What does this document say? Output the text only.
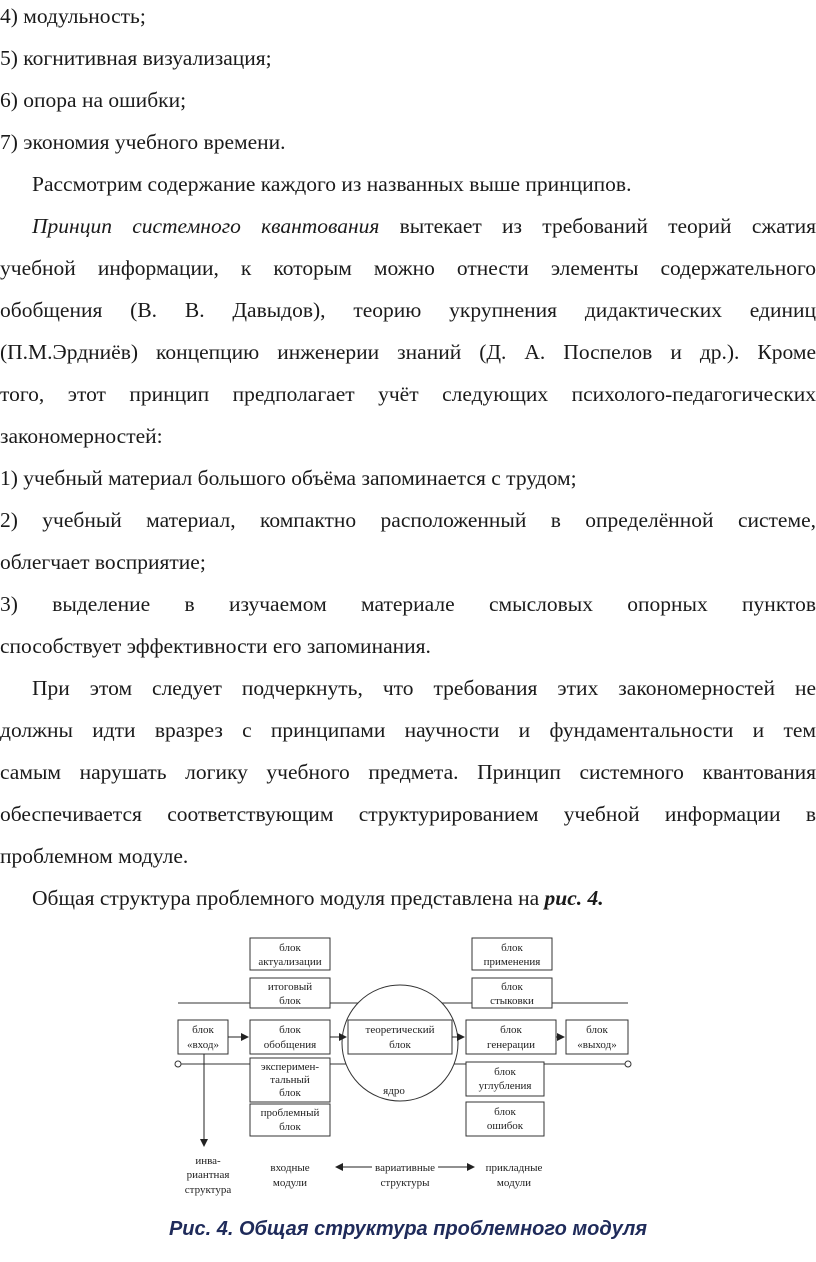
4) модульность;
5) когнитивная визуализация;
6) опора на ошибки;
7) экономия учебного времени.
Рассмотрим содержание каждого из названных выше принципов.
Принцип системного квантования вытекает из требований теорий сжатия
учебной информации, к которым можно отнести элементы содержательного
обобщения (В. В. Давыдов), теорию укрупнения дидактических единиц
(П.М.Эрдниёв) концепцию инженерии знаний (Д. А. Поспелов и др.). Кроме
того, этот принцип предполагает учёт следующих психолого-педагогических
закономерностей:
1) учебный материал большого объёма запоминается с трудом;
2) учебный материал, компактно расположенный в определённой системе,
облегчает восприятие;
3) выделение в изучаемом материале смысловых опорных пунктов
способствует эффективности его запоминания.
При этом следует подчеркнуть, что требования этих закономерностей не
должны идти вразрез с принципами научности и фундаментальности и тем
самым нарушать логику учебного предмета. Принцип системного квантования
обеспечивается соответствующим структурированием учебной информации в
проблемном модуле.
Общая структура проблемного модуля представлена на рис. 4.
блок
актуализации
итоговый
блок
блок
«вход»
блок
обобщения
эксперимен-
тальный
блок
проблемный
блок
теоретический
блок
ядро
блок
применения
блок
стыковки
блок
генерации
блок
углубления
блок
ошибок
блок
«выход»
инва-
риантная
структура
входные
модули
вариативные
структуры
прикладные
модули
Рис. 4. Общая структура проблемного модуля
